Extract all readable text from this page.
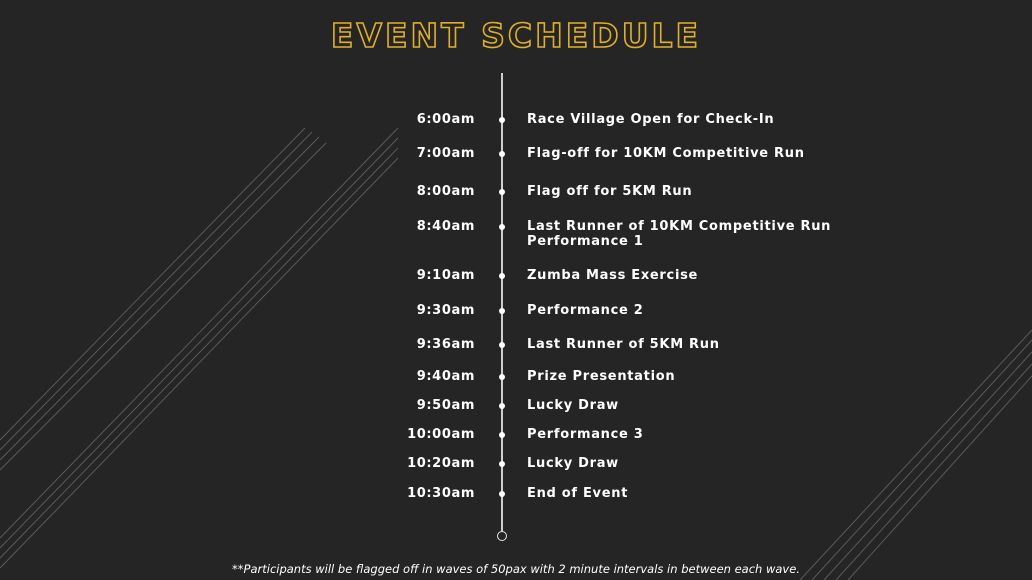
EVENT SCHEDULE
6:00am	Race Village Open for Check-In
7:00am	Flag-off for 10KM Competitive Run
8:00am	Flag off for 5KM Run
8:40am	Last Runner of 10KM Competitive Run
Performance 1
9:10am	Zumba Mass Exercise
9:30am	Performance 2
9:36am	Last Runner of 5KM Run
9:40am	Prize Presentation
9:50am	Lucky Draw
10:00am	Performance 3
10:20am	Lucky Draw
10:30am	End of Event
**Participants will be flagged off in waves of 50pax with 2 minute intervals in between each wave.
